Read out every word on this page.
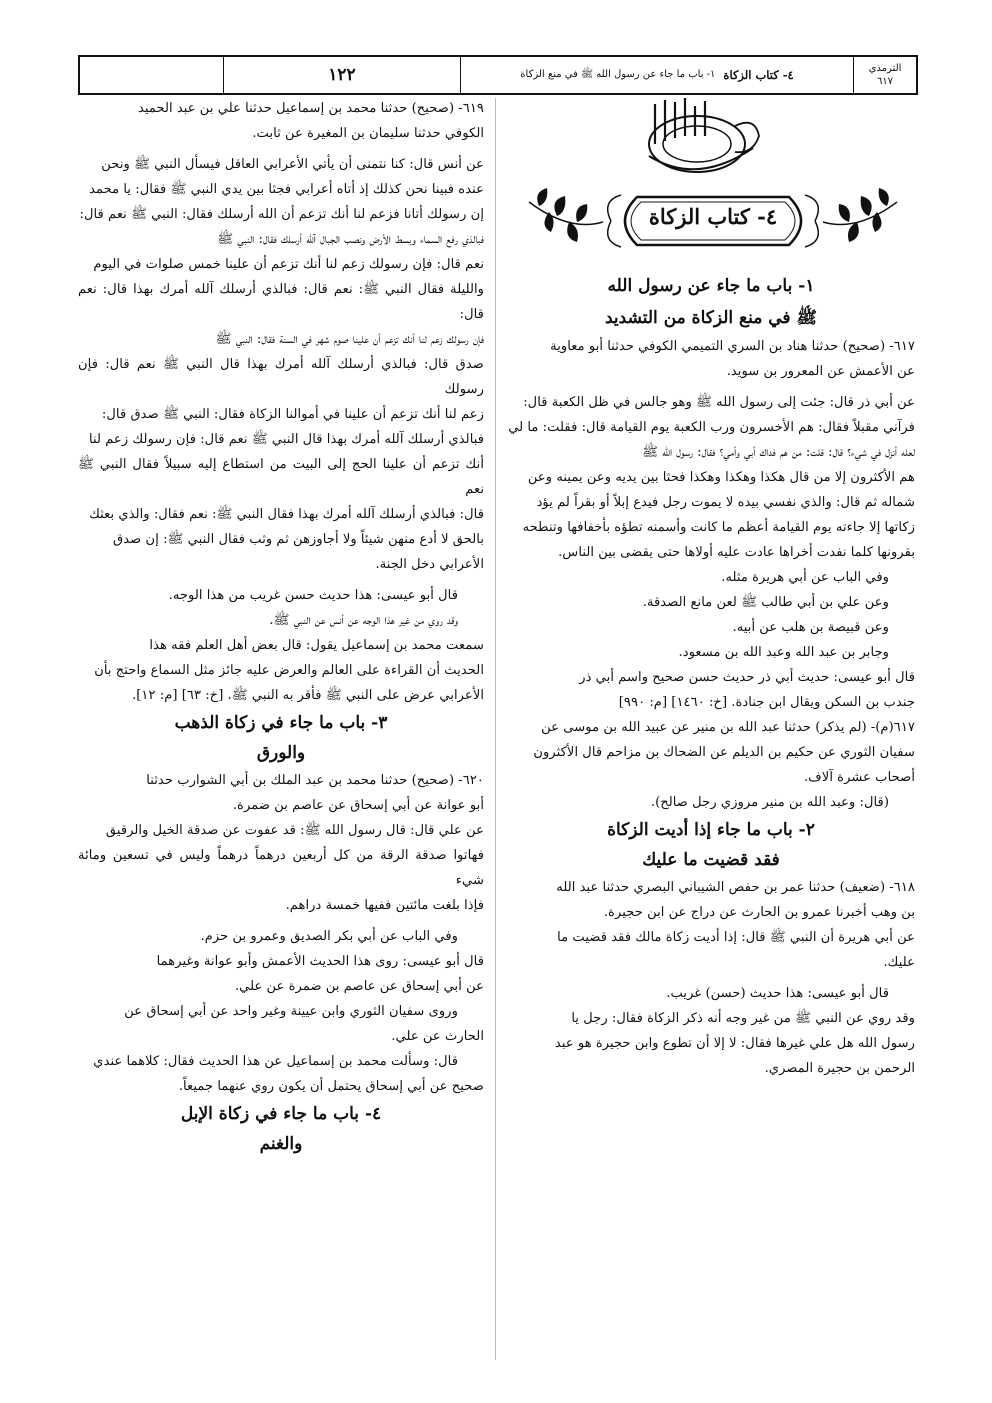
الترمذي
٦١٧
٤- كتاب الزكاة
١- باب ما جاء عن رسول الله ﷺ في منع الزكاة
١٢٢
٤- كتاب الزكاة
١- باب ما جاء عن رسول الله
ﷺ في منع الزكاة من التشديد

٦١٧- (صحيح) حدثنا هناد بن السري التميمي الكوفي حدثنا أبو معاوية

عن الأعمش عن المعرور بن سويد.

عن أبي ذر قال: جئت إلى رسول الله ﷺ وهو جالس في ظل الكعبة قال:

فرآني مقبلاً فقال: هم الأخسرون ورب الكعبة يوم القيامة قال: فقلت: ما لي

لعله أنزل في شيء؟ قال: قلت: من هم فداك أبي وأمي؟ فقال: رسول الله ﷺ

هم الأكثرون إلا من قال هكذا وهكذا وهكذا فحثا بين يديه وعن يمينه وعن

شماله ثم قال: والذي نفسي بيده لا يموت رجل فيدع إبلاً أو بقراً لم يؤد

زكاتها إلا جاءته يوم القيامة أعظم ما كانت وأسمنه تطؤه بأخفافها وتنطحه

بقرونها كلما نفدت أخراها عادت عليه أولاها حتى يقضى بين الناس.

وفي الباب عن أبي هريرة مثله.

وعن علي بن أبي طالب ﷺ لعن مانع الصدقة.

وعن قبيصة بن هلب عن أبيه.

وجابر بن عبد الله وعبد الله بن مسعود.

قال أبو عيسى: حديث أبي ذر حديث حسن صحيح واسم أبي ذر

جندب بن السكن ويقال ابن جنادة. [خ: ١٤٦٠] [م: ٩٩٠]

٦١٧(م)- (لم يذكر) حدثنا عبد الله بن منير عن عبيد الله بن موسى عن

سفيان الثوري عن حكيم بن الديلم عن الضحاك بن مزاحم قال الأكثرون

أصحاب عشرة آلاف.

(قال: وعبد الله بن منير مروزي رجل صالح).

٢- باب ما جاء إذا أديت الزكاة
فقد قضيت ما عليك

٦١٨- (ضعيف) حدثنا عمر بن حفص الشيباني البصري حدثنا عبد الله

بن وهب أخبرنا عمرو بن الحارث عن دراج عن ابن حجيرة.

عن أبي هريرة أن النبي ﷺ قال: إذا أديت زكاة مالك فقد قضيت ما

عليك.

قال أبو عيسى: هذا حديث (حسن) غريب.

وقد روي عن النبي ﷺ من غير وجه أنه ذكر الزكاة فقال: رجل يا

رسول الله هل علي غيرها فقال: لا إلا أن تطوع وابن حجيرة هو عبد

الرحمن بن حجيرة المصري.

٦١٩- (صحيح) حدثنا محمد بن إسماعيل حدثنا علي بن عبد الحميد

الكوفي حدثنا سليمان بن المغيرة عن ثابت.

عن أنس قال: كنا نتمنى أن يأتي الأعرابي العاقل فيسأل النبي ﷺ ونحن

عنده فبينا نحن كذلك إذ أتاه أعرابي فجثا بين يدي النبي ﷺ فقال: يا محمد

إن رسولك أتانا فزعم لنا أنك تزعم أن الله أرسلك فقال: النبي ﷺ نعم قال:

فبالذي رفع السماء وبسط الأرض ونصب الجبال آلله أرسلك فقال: النبي ﷺ

نعم قال: فإن رسولك زعم لنا أنك تزعم أن علينا خمس صلوات في اليوم

والليلة فقال النبي ﷺ: نعم قال: فبالذي أرسلك آلله أمرك بهذا قال: نعم قال:

فإن رسولك زعم لنا أنك تزعم أن علينا صوم شهر في السنة فقال: النبي ﷺ

صدق قال: فبالذي أرسلك آلله أمرك بهذا قال النبي ﷺ نعم قال: فإن رسولك

زعم لنا أنك تزعم أن علينا في أموالنا الزكاة فقال: النبي ﷺ صدق قال:

فبالذي أرسلك آلله أمرك بهذا قال النبي ﷺ نعم قال: فإن رسولك زعم لنا

أنك تزعم أن علينا الحج إلى البيت من استطاع إليه سبيلاً فقال النبي ﷺ نعم

قال: فبالذي أرسلك آلله أمرك بهذا فقال النبي ﷺ: نعم فقال: والذي بعثك

بالحق لا أدع منهن شيئاً ولا أجاوزهن ثم وثب فقال النبي ﷺ: إن صدق

الأعرابي دخل الجنة.

قال أبو عيسى: هذا حديث حسن غريب من هذا الوجه.

وقد روي من غير هذا الوجه عن أنس عن النبي ﷺ.

سمعت محمد بن إسماعيل يقول: قال بعض أهل العلم فقه هذا

الحديث أن القراءة على العالم والعرض عليه جائز مثل السماع واحتج بأن

الأعرابي عرض على النبي ﷺ فأقر به النبي ﷺ. [خ: ٦٣] [م: ١٢].

٣- باب ما جاء في زكاة الذهب
والورق

٦٢٠- (صحيح) حدثنا محمد بن عبد الملك بن أبي الشوارب حدثنا

أبو عوانة عن أبي إسحاق عن عاصم بن ضمرة.

عن علي قال: قال رسول الله ﷺ: قد عفوت عن صدقة الخيل والرقيق

فهاتوا صدقة الرقة من كل أربعين درهماً درهماً وليس في تسعين ومائة شيء

فإذا بلغت مائتين ففيها خمسة دراهم.

وفي الباب عن أبي بكر الصديق وعمرو بن حزم.

قال أبو عيسى: روى هذا الحديث الأعمش وأبو عوانة وغيرهما

عن أبي إسحاق عن عاصم بن ضمرة عن علي.

وروى سفيان الثوري وابن عيينة وغير واحد عن أبي إسحاق عن

الحارث عن علي.

قال: وسألت محمد بن إسماعيل عن هذا الحديث فقال: كلاهما عندي

صحيح عن أبي إسحاق يحتمل أن يكون روي عنهما جميعاً.

٤- باب ما جاء في زكاة الإبل
والغنم
